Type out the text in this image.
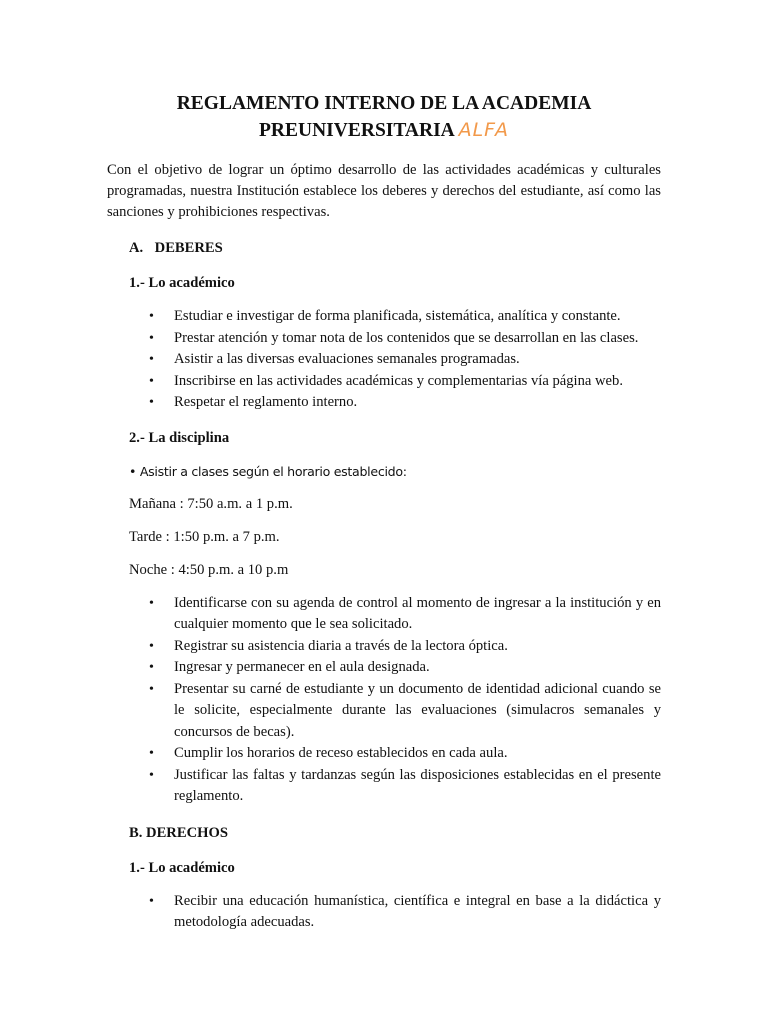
REGLAMENTO INTERNO DE LA ACADEMIA
PREUNIVERSITARIA ALFA

Con el objetivo de lograr un óptimo desarrollo de las actividades académicas y culturales programadas, nuestra Institución establece los deberes y derechos del estudiante, así como las sanciones y prohibiciones respectivas.

A. DEBERES
1.- Lo académico
• Estudiar e investigar de forma planificada, sistemática, analítica y constante.
• Prestar atención y tomar nota de los contenidos que se desarrollan en las clases.
• Asistir a las diversas evaluaciones semanales programadas.
• Inscribirse en las actividades académicas y complementarias vía página web.
• Respetar el reglamento interno.
2.- La disciplina
• Asistir a clases según el horario establecido:
Mañana : 7:50 a.m. a 1 p.m.
Tarde : 1:50 p.m. a 7 p.m.
Noche : 4:50 p.m. a 10 p.m
• Identificarse con su agenda de control al momento de ingresar a la institución y en cualquier momento que le sea solicitado.
• Registrar su asistencia diaria a través de la lectora óptica.
• Ingresar y permanecer en el aula designada.
• Presentar su carné de estudiante y un documento de identidad adicional cuando se le solicite, especialmente durante las evaluaciones (simulacros semanales y concursos de becas).
• Cumplir los horarios de receso establecidos en cada aula.
• Justificar las faltas y tardanzas según las disposiciones establecidas en el presente reglamento.
B. DERECHOS
1.- Lo académico
• Recibir una educación humanística, científica e integral en base a la didáctica y metodología adecuadas.
